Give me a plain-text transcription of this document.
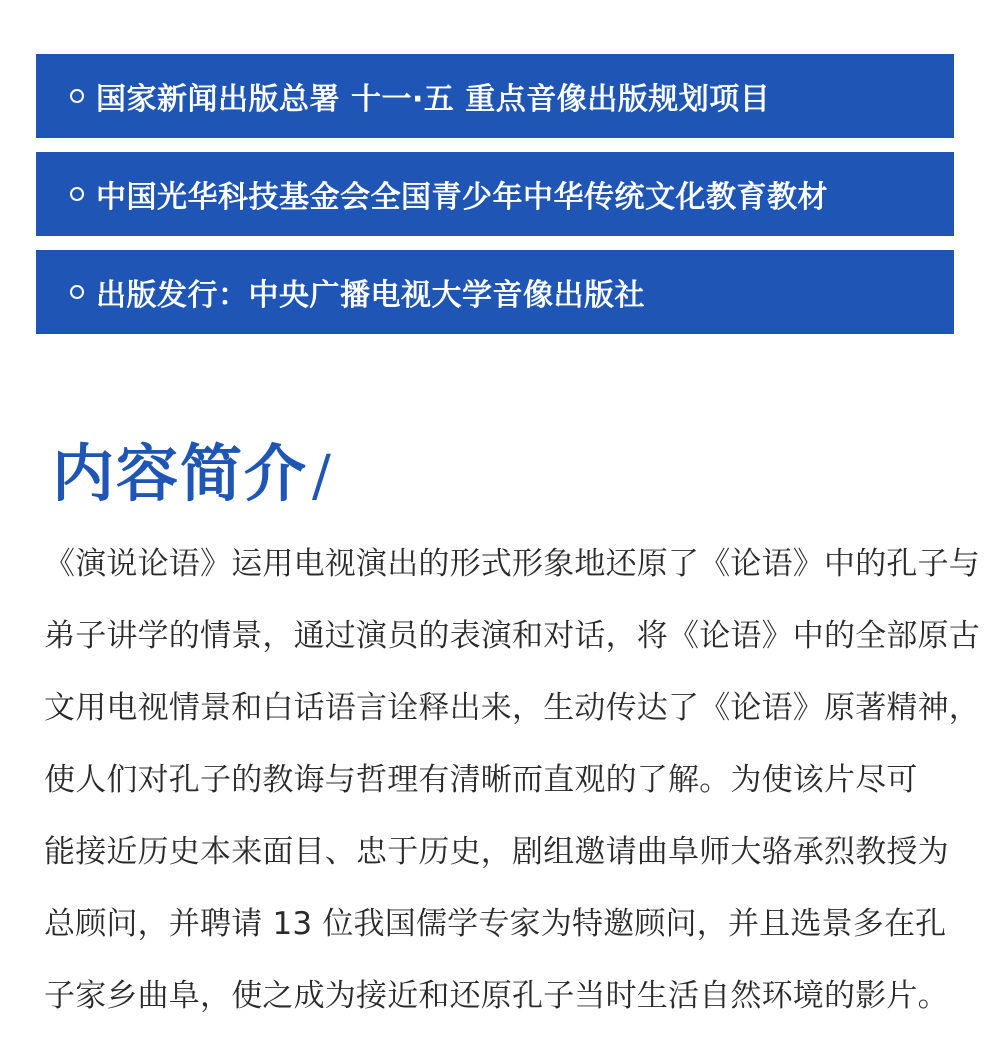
国家新闻出版总署 十一·五 重点音像出版规划项目
中国光华科技基金会全国青少年中华传统文化教育教材
出版发行：中央广播电视大学音像出版社
内容简介/
《演说论语》运用电视演出的形式形象地还原了《论语》中的孔子与
弟子讲学的情景，通过演员的表演和对话，将《论语》中的全部原古
文用电视情景和白话语言诠释出来，生动传达了《论语》原著精神，
使人们对孔子的教诲与哲理有清晰而直观的了解。为使该片尽可
能接近历史本来面目、忠于历史，剧组邀请曲阜师大骆承烈教授为
总顾问，并聘请 13 位我国儒学专家为特邀顾问，并且选景多在孔
子家乡曲阜，使之成为接近和还原孔子当时生活自然环境的影片。
